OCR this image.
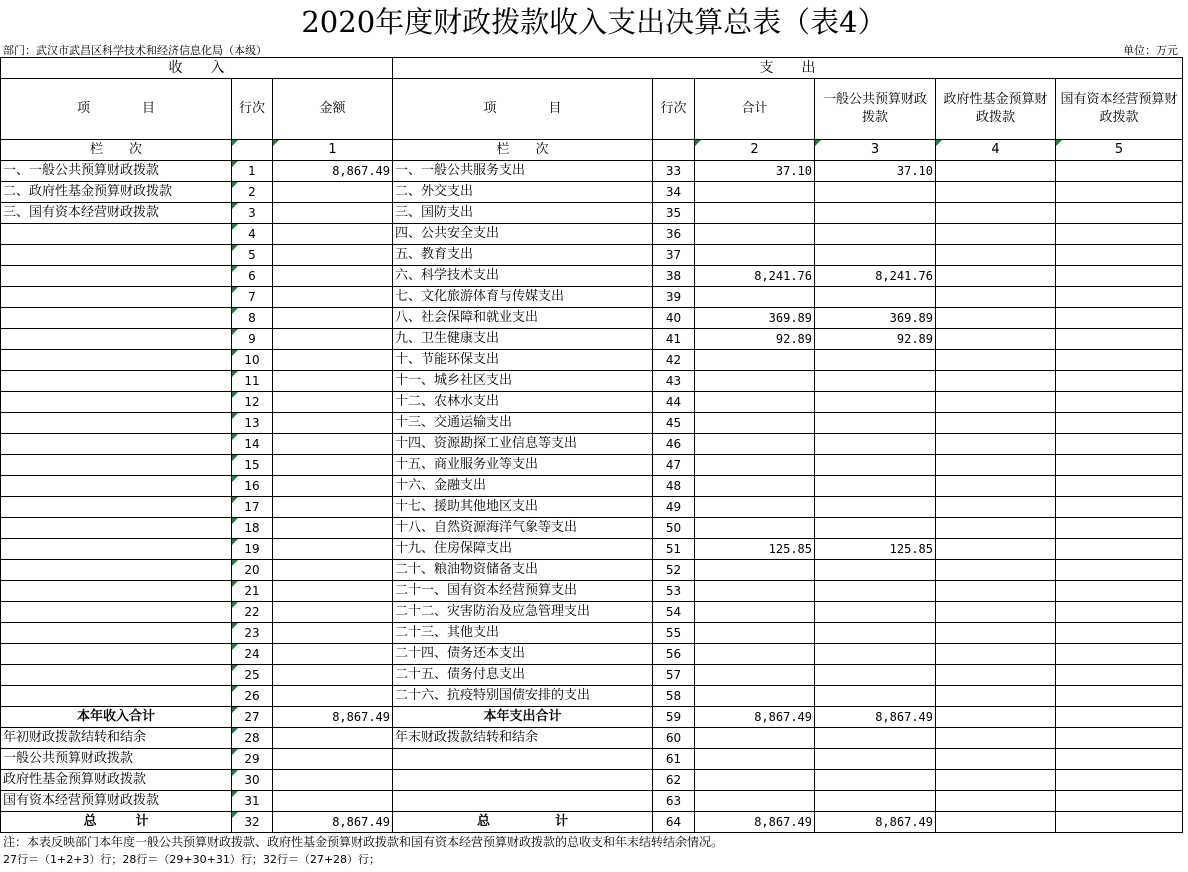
2020年度财政拨款收入支出决算总表（表4）
部门：武汉市武昌区科学技术和经济信息化局（本级）	单位：万元
收　　入			支　　出					
项　　　　目	行次	金额	项　　　　目	行次	合计	一般公共预算财政拨款	政府性基金预算财政拨款	国有资本经营预算财政拨款
栏　　次		1	栏　　次		2	3	4	5
一、一般公共预算财政拨款	1	8,867.49	一、一般公共服务支出	33	37.10	37.10		
二、政府性基金预算财政拨款	2		二、外交支出	34				
三、国有资本经营财政拨款	3		三、国防支出	35				
	4		四、公共安全支出	36				
	5		五、教育支出	37				
	6		六、科学技术支出	38	8,241.76	8,241.76		
	7		七、文化旅游体育与传媒支出	39				
	8		八、社会保障和就业支出	40	369.89	369.89		
	9		九、卫生健康支出	41	92.89	92.89		
	10		十、节能环保支出	42				
	11		十一、城乡社区支出	43				
	12		十二、农林水支出	44				
	13		十三、交通运输支出	45				
	14		十四、资源勘探工业信息等支出	46				
	15		十五、商业服务业等支出	47				
	16		十六、金融支出	48				
	17		十七、援助其他地区支出	49				
	18		十八、自然资源海洋气象等支出	50				
	19		十九、住房保障支出	51	125.85	125.85		
	20		二十、粮油物资储备支出	52				
	21		二十一、国有资本经营预算支出	53				
	22		二十二、灾害防治及应急管理支出	54				
	23		二十三、其他支出	55				
	24		二十四、债务还本支出	56				
	25		二十五、债务付息支出	57				
	26		二十六、抗疫特别国债安排的支出	58				
本年收入合计	27	8,867.49	本年支出合计	59	8,867.49	8,867.49		
年初财政拨款结转和结余	28		年末财政拨款结转和结余	60				
一般公共预算财政拨款	29			61				
政府性基金预算财政拨款	30			62				
国有资本经营预算财政拨款	31			63				
总　　　计	32	8,867.49	总　　　　　计	64	8,867.49	8,867.49		
注：本表反映部门本年度一般公共预算财政拨款、政府性基金预算财政拨款和国有资本经营预算财政拨款的总收支和年末结转结余情况。
27行＝（1+2+3）行；28行＝（29+30+31）行；32行＝（27+28）行；
